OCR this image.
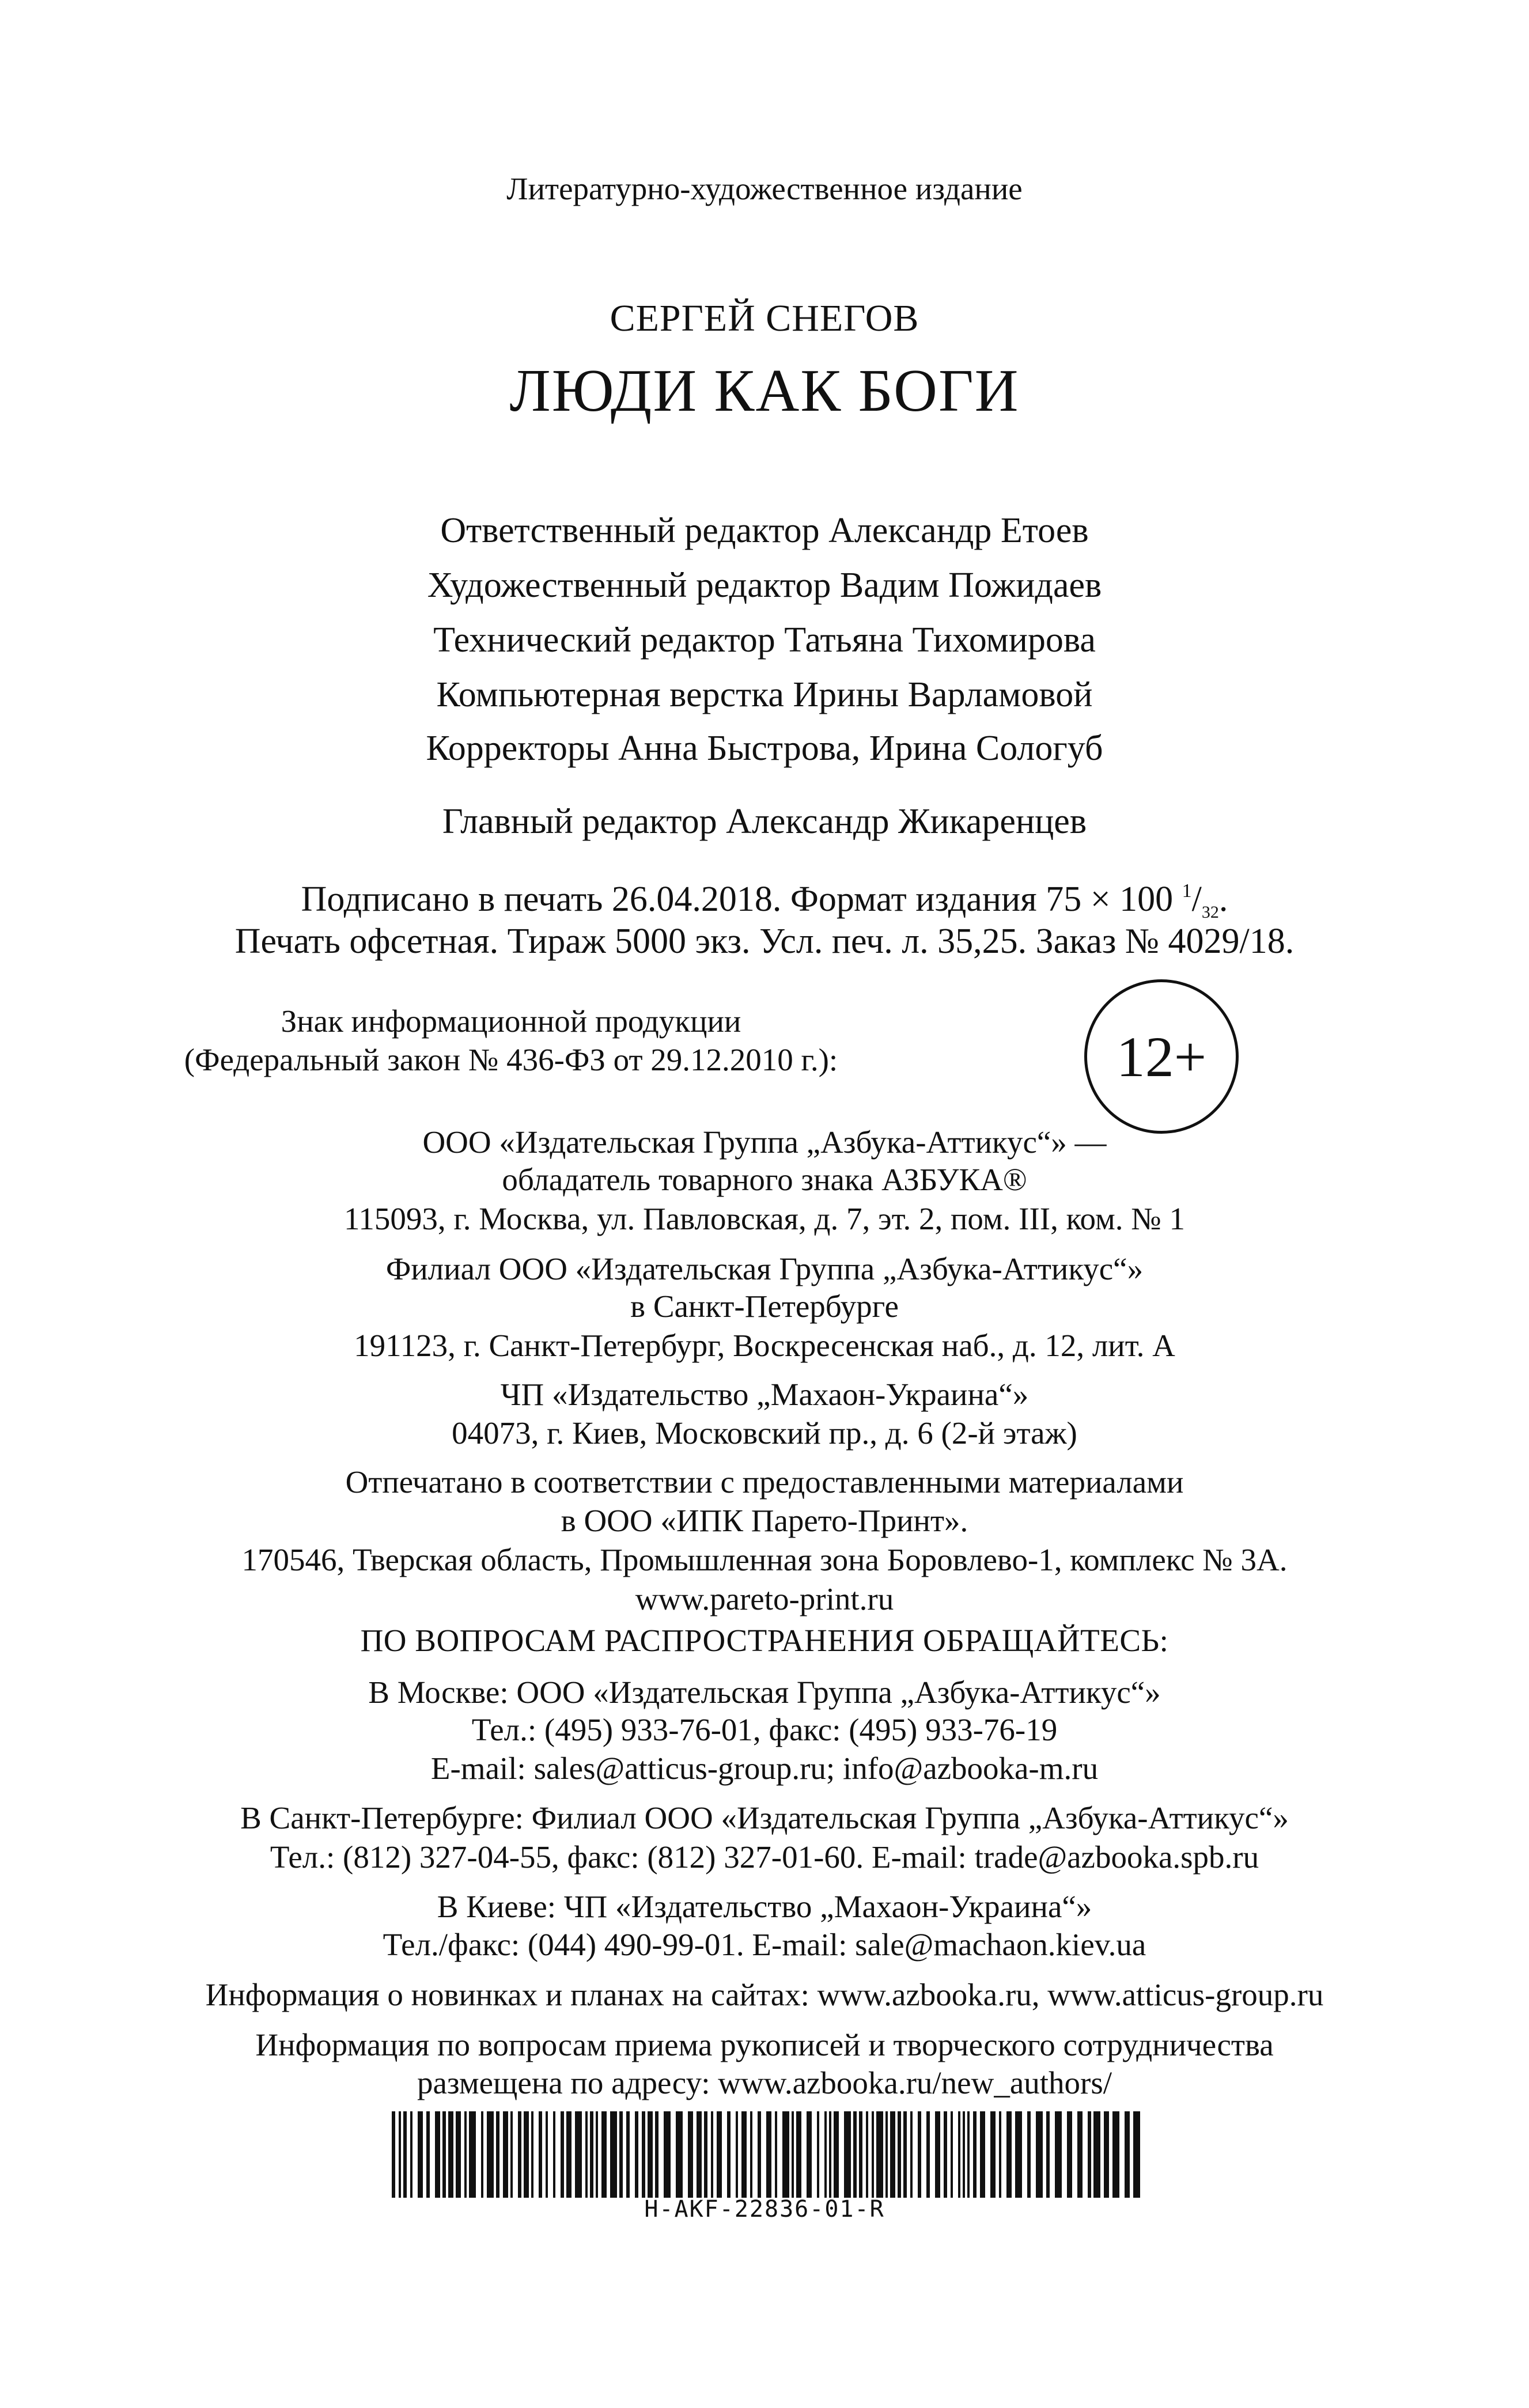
Литературно-художественное издание
СЕРГЕЙ СНЕГОВ
ЛЮДИ КАК БОГИ
Ответственный редактор Александр Етоев
Художественный редактор Вадим Пожидаев
Технический редактор Татьяна Тихомирова
Компьютерная верстка Ирины Варламовой
Корректоры Анна Быстрова, Ирина Сологуб
Главный редактор Александр Жикаренцев
Подписано в печать 26.04.2018. Формат издания 75 × 100 $^1/_{32}$.
Печать офсетная. Тираж 5000 экз. Усл. печ. л. 35,25. Заказ № 4029/18.
Знак информационной продукции
(Федеральный закон № 436-ФЗ от 29.12.2010 г.):	12+
ООО «Издательская Группа „Азбука-Аттикус“» —
обладатель товарного знака АЗБУКА®
115093, г. Москва, ул. Павловская, д. 7, эт. 2, пом. III, ком. № 1
Филиал ООО «Издательская Группа „Азбука-Аттикус“»
в Санкт-Петербурге
191123, г. Санкт-Петербург, Воскресенская наб., д. 12, лит. А
ЧП «Издательство „Махаон-Украина“»
04073, г. Киев, Московский пр., д. 6 (2-й этаж)
Отпечатано в соответствии с предоставленными материалами
в ООО «ИПК Парето-Принт».
170546, Тверская область, Промышленная зона Боровлево-1, комплекс № 3А.
www.pareto-print.ru
ПО ВОПРОСАМ РАСПРОСТРАНЕНИЯ ОБРАЩАЙТЕСЬ:
В Москве: ООО «Издательская Группа „Азбука-Аттикус“»
Тел.: (495) 933-76-01, факс: (495) 933-76-19
E-mail: sales@atticus-group.ru; info@azbooka-m.ru
В Санкт-Петербурге: Филиал ООО «Издательская Группа „Азбука-Аттикус“»
Тел.: (812) 327-04-55, факс: (812) 327-01-60. E-mail: trade@azbooka.spb.ru
В Киеве: ЧП «Издательство „Махаон-Украина“»
Тел./факс: (044) 490-99-01. E-mail: sale@machaon.kiev.ua
Информация о новинках и планах на сайтах: www.azbooka.ru, www.atticus-group.ru
Информация по вопросам приема рукописей и творческого сотрудничества
размещена по адресу: www.azbooka.ru/new_authors/
H-AKF-22836-01-R
